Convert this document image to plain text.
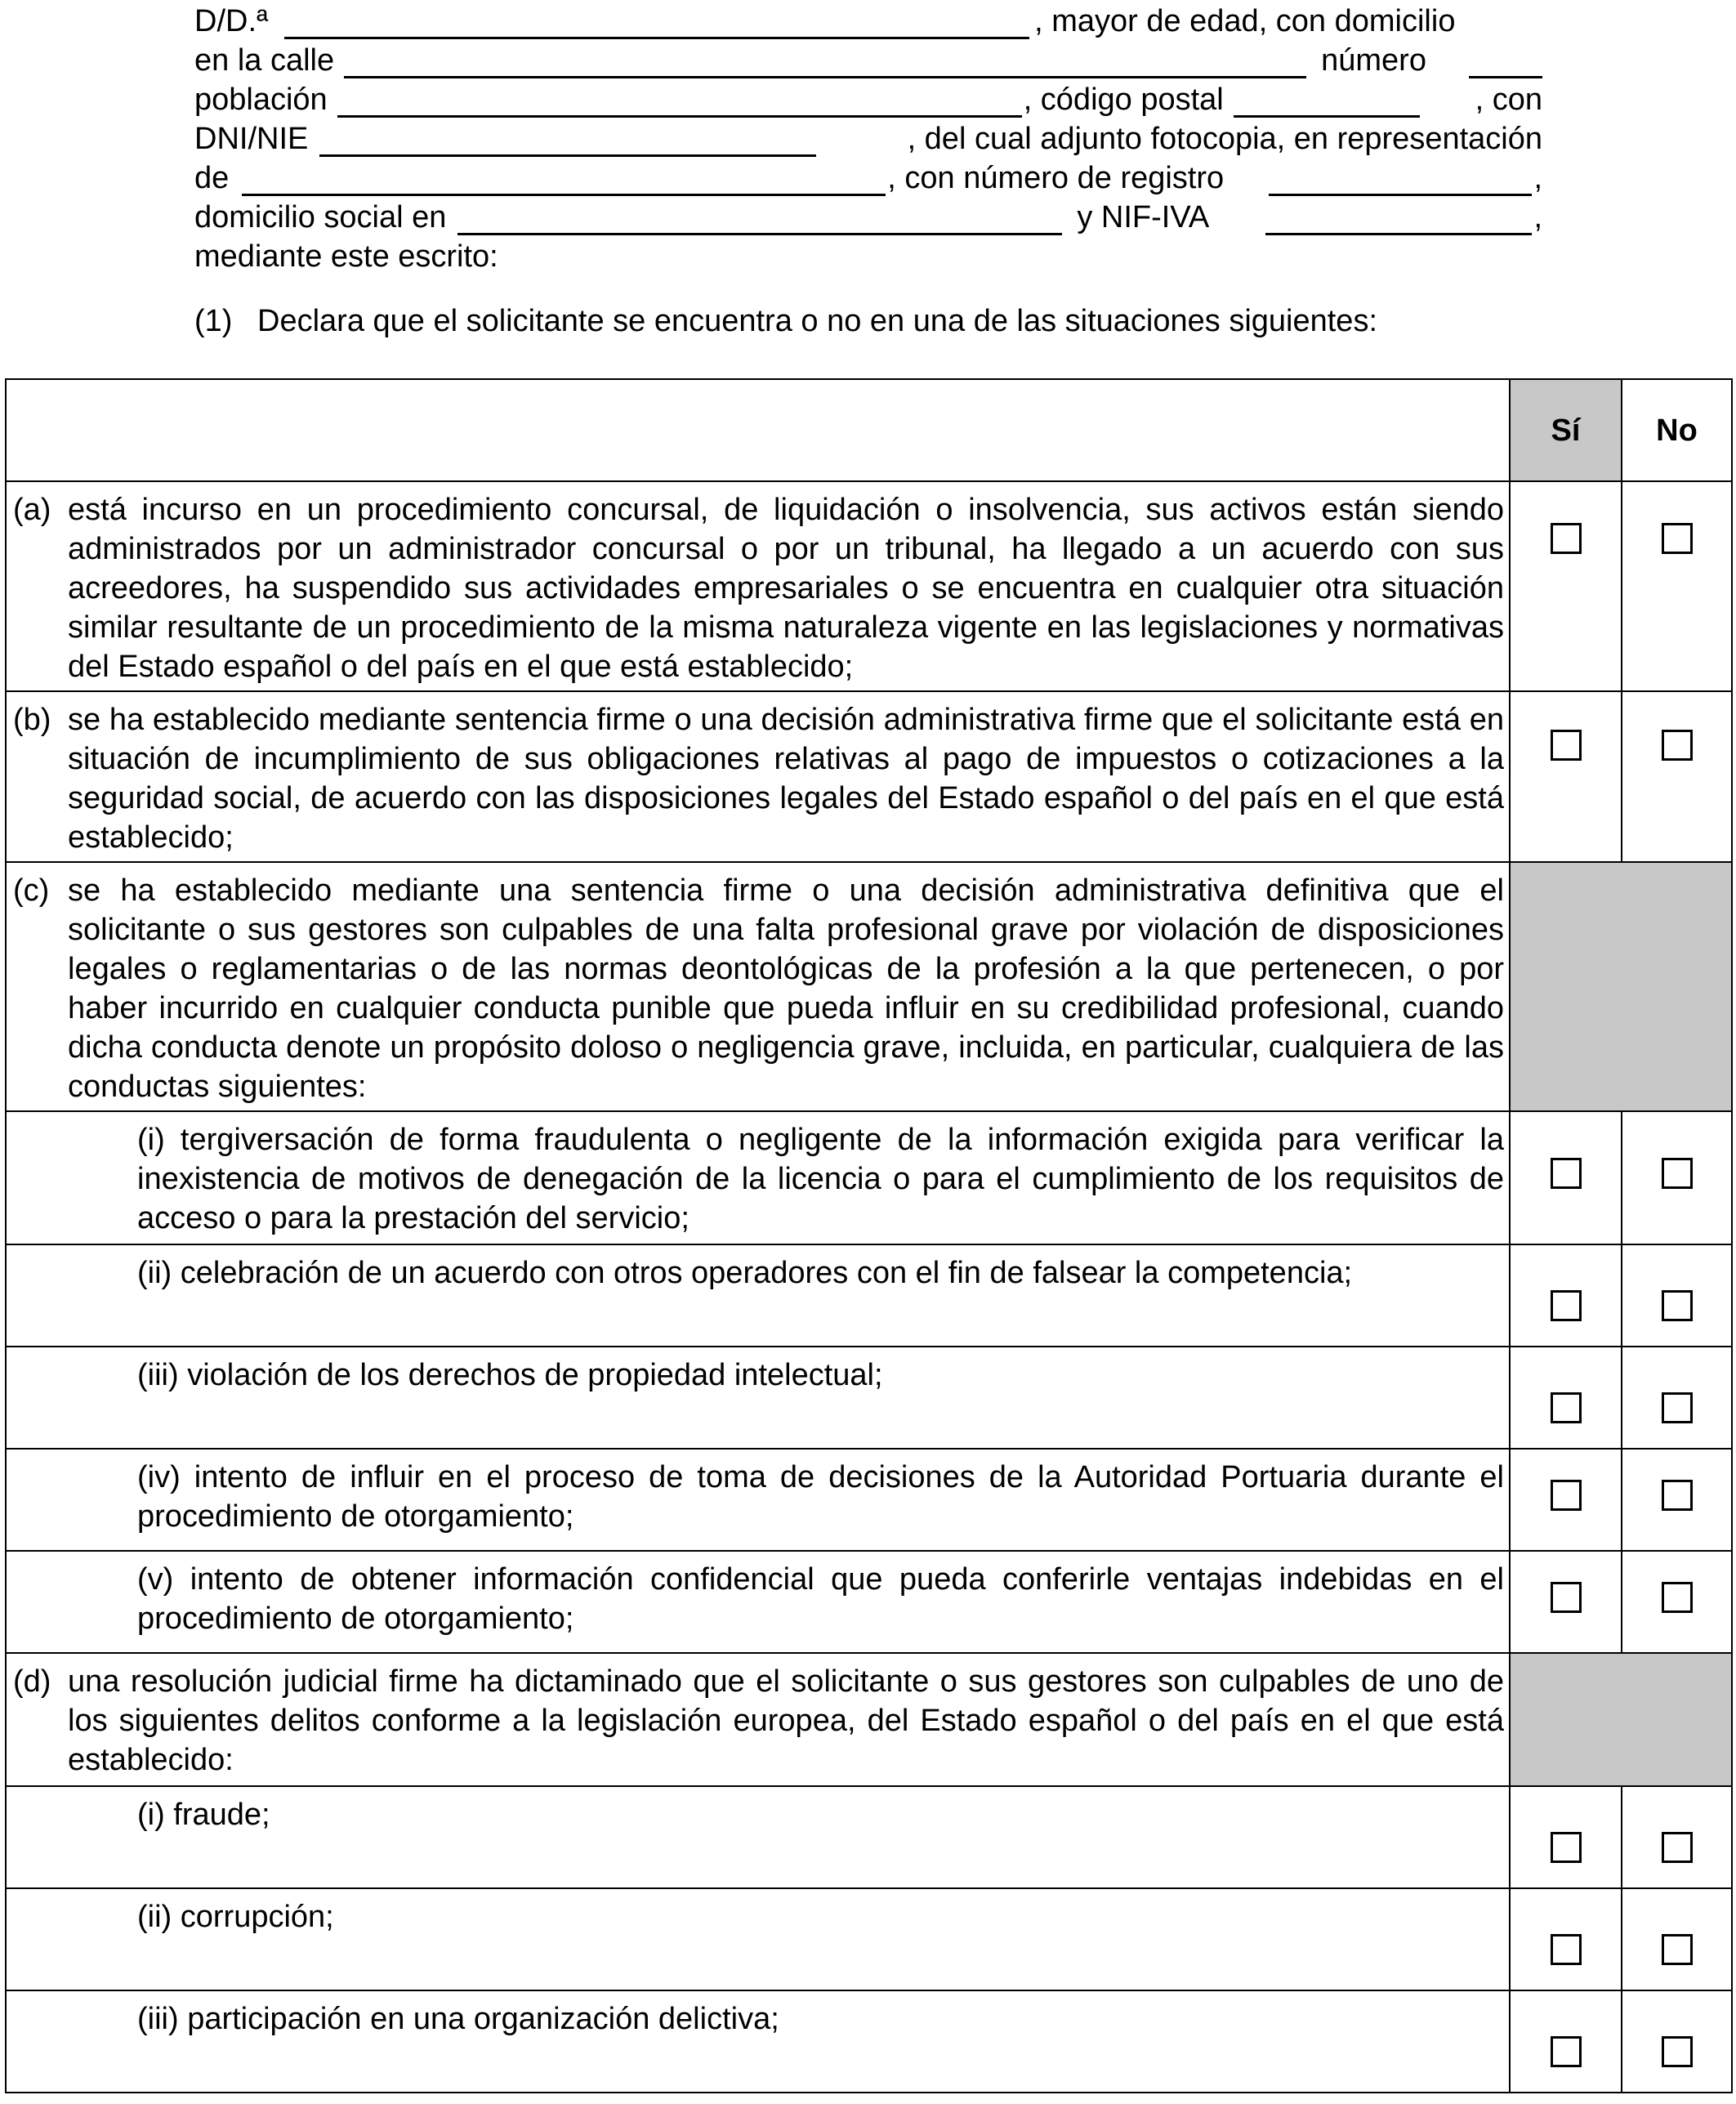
D/D.ª	, mayor de edad, con domicilio
en la calle	número
población	, código postal	, con
DNI/NIE	, del cual adjunto fotocopia, en representación
de	, con número de registro	,
domicilio social en	y NIF-IVA	,
mediante este escrito:
(1) Declara que el solicitante se encuentra o no en una de las situaciones siguientes:
	Sí	No

(a) está incurso en un procedimiento concursal, de liquidación o insolvencia, sus activos están siendo administrados por un administrador concursal o por un tribunal, ha llegado a un acuerdo con sus acreedores, ha suspendido sus actividades empresariales o se encuentra en cualquier otra situación similar resultante de un procedimiento de la misma naturaleza vigente en las legislaciones y normativas del Estado español o del país en el que está establecido;		

(b) se ha establecido mediante sentencia firme o una decisión administrativa firme que el solicitante está en situación de incumplimiento de sus obligaciones relativas al pago de impuestos o cotizaciones a la seguridad social, de acuerdo con las disposiciones legales del Estado español o del país en el que está establecido;		

(c) se ha establecido mediante una sentencia firme o una decisión administrativa definitiva que el solicitante o sus gestores son culpables de una falta profesional grave por violación de disposiciones legales o reglamentarias o de las normas deontológicas de la profesión a la que pertenecen, o por haber incurrido en cualquier conducta punible que pueda influir en su credibilidad profesional, cuando dicha conducta denote un propósito doloso o negligencia grave, incluida, en particular, cualquiera de las conductas siguientes:		

(i) tergiversación de forma fraudulenta o negligente de la información exigida para verificar la inexistencia de motivos de denegación de la licencia o para el cumplimiento de los requisitos de acceso o para la prestación del servicio;		

(ii) celebración de un acuerdo con otros operadores con el fin de falsear la competencia;		

(iii) violación de los derechos de propiedad intelectual;		

(iv) intento de influir en el proceso de toma de decisiones de la Autoridad Portuaria durante el procedimiento de otorgamiento;		

(v) intento de obtener información confidencial que pueda conferirle ventajas indebidas en el procedimiento de otorgamiento;		

(d) una resolución judicial firme ha dictaminado que el solicitante o sus gestores son culpables de uno de los siguientes delitos conforme a la legislación europea, del Estado español o del país en el que está establecido:		

(i) fraude;		

(ii) corrupción;		

(iii) participación en una organización delictiva;		
